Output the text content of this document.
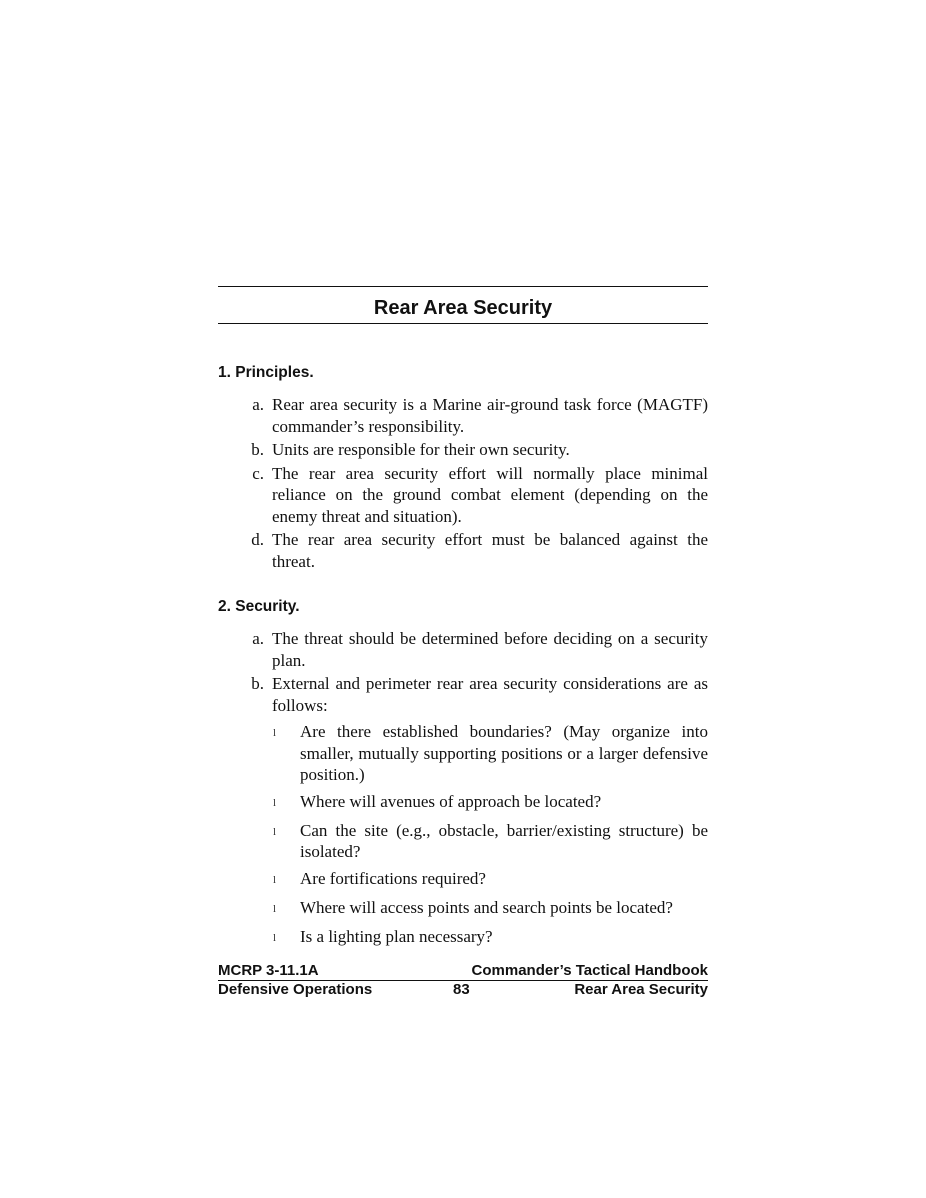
Rear Area Security
1. Principles.
a. Rear area security is a Marine air-ground task force (MAGTF) commander’s responsibility.
b. Units are responsible for their own security.
c. The rear area security effort will normally place minimal reliance on the ground combat element (depending on the enemy threat and situation).
d. The rear area security effort must be balanced against the threat.
2. Security.
a. The threat should be determined before deciding on a security plan.
b. External and perimeter rear area security considerations are as follows:
l	Are there established boundaries? (May organize into smaller, mutually supporting positions or a larger defensive position.)
l	Where will avenues of approach be located?
l	Can the site (e.g., obstacle, barrier/existing structure) be isolated?
l	Are fortifications required?
l	Where will access points and search points be located?
l	Is a lighting plan necessary?
MCRP 3-11.1A	Commander’s Tactical Handbook
Defensive Operations	83	Rear Area Security
